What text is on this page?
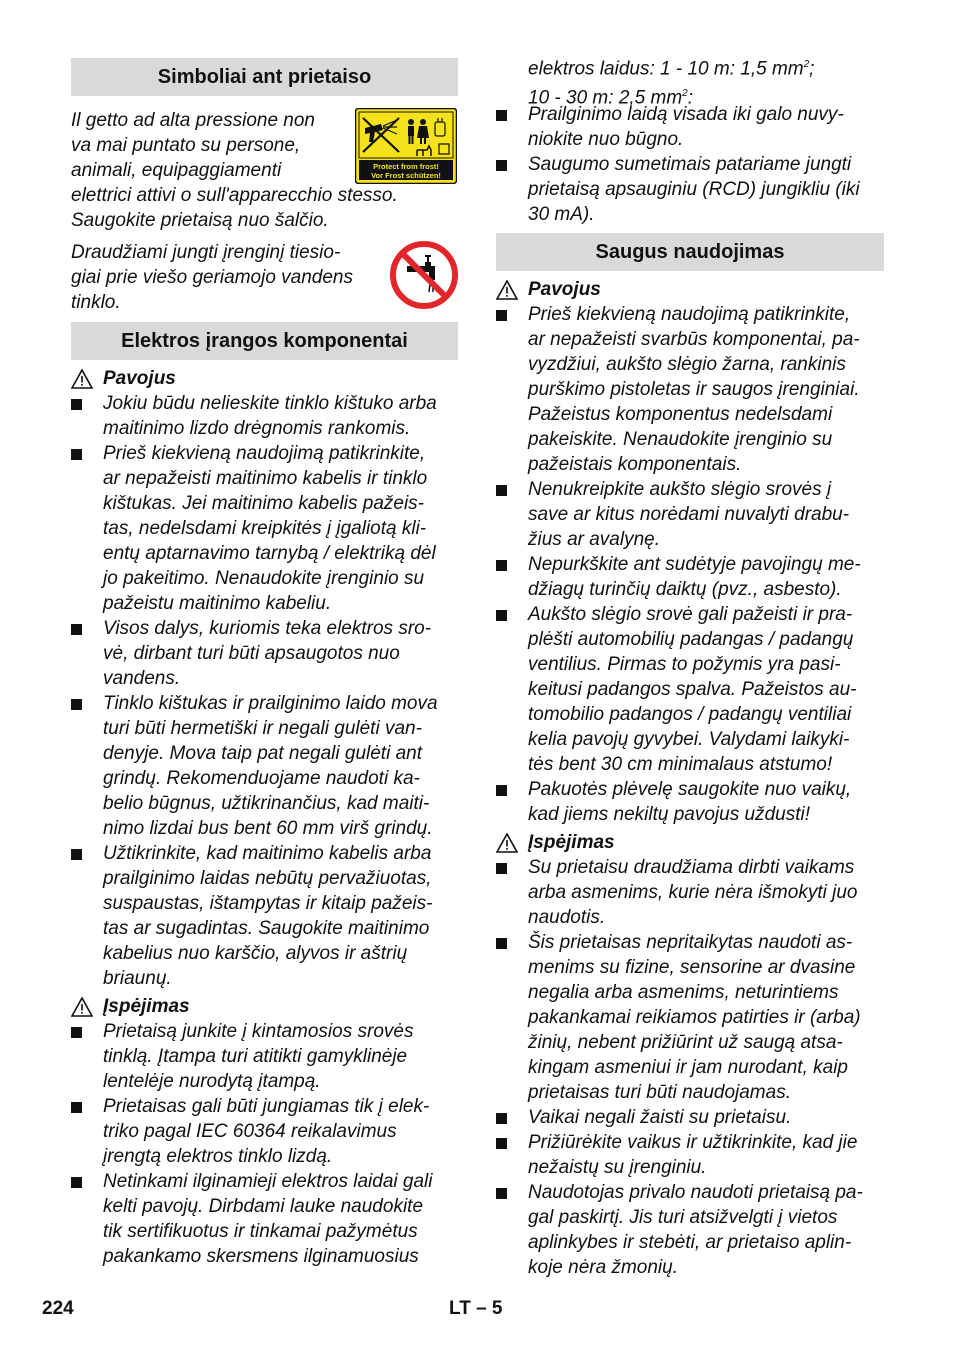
Simboliai ant prietaiso
Il getto ad alta pressione non
va mai puntato su persone,
animali, equipaggiamenti
elettrici attivi o sull'apparecchio stesso.
Saugokite prietaisą nuo šalčio.
Draudžiami jungti įrenginį tiesio-
giai prie viešo geriamojo vandens
tinklo.
Elektros įrangos komponentai
Pavojus
Jokiu būdu nelieskite tinklo kištuko arba
maitinimo lizdo drėgnomis rankomis.
Prieš kiekvieną naudojimą patikrinkite,
ar nepažeisti maitinimo kabelis ir tinklo
kištukas. Jei maitinimo kabelis pažeis-
tas, nedelsdami kreipkitės į įgaliotą kli-
entų aptarnavimo tarnybą / elektriką dėl
jo pakeitimo. Nenaudokite įrenginio su
pažeistu maitinimo kabeliu.
Visos dalys, kuriomis teka elektros sro-
vė, dirbant turi būti apsaugotos nuo
vandens.
Tinklo kištukas ir prailginimo laido mova
turi būti hermetiški ir negali gulėti van-
denyje. Mova taip pat negali gulėti ant
grindų. Rekomenduojame naudoti ka-
belio būgnus, užtikrinančius, kad maiti-
nimo lizdai bus bent 60 mm virš grindų.
Užtikrinkite, kad maitinimo kabelis arba
prailginimo laidas nebūtų pervažiuotas,
suspaustas, ištampytas ir kitaip pažeis-
tas ar sugadintas. Saugokite maitinimo
kabelius nuo karščio, alyvos ir aštrių
briaunų.
Įspėjimas
Prietaisą junkite į kintamosios srovės
tinklą. Įtampa turi atitikti gamyklinėje
lentelėje nurodytą įtampą.
Prietaisas gali būti jungiamas tik į elek-
triko pagal IEC 60364 reikalavimus
įrengtą elektros tinklo lizdą.
Netinkami ilginamieji elektros laidai gali
kelti pavojų. Dirbdami lauke naudokite
tik sertifikuotus ir tinkamai pažymėtus
pakankamo skersmens ilginamuosius
Protect from frost!
Vor Frost schützen!
elektros laidus: 1 - 10 m: 1,5 $mm^2$;
10 - 30 m: 2,5 $mm^2$:
Prailginimo laidą visada iki galo nuvy-
niokite nuo būgno.
Saugumo sumetimais patariame jungti
prietaisą apsauginiu (RCD) jungikliu (iki
30 mA).
Saugus naudojimas
Pavojus
Prieš kiekvieną naudojimą patikrinkite,
ar nepažeisti svarbūs komponentai, pa-
vyzdžiui, aukšto slėgio žarna, rankinis
purškimo pistoletas ir saugos įrenginiai.
Pažeistus komponentus nedelsdami
pakeiskite. Nenaudokite įrenginio su
pažeistais komponentais.
Nenukreipkite aukšto slėgio srovės į
save ar kitus norėdami nuvalyti drabu-
žius ar avalynę.
Nepurkškite ant sudėtyje pavojingų me-
džiagų turinčių daiktų (pvz., asbesto).
Aukšto slėgio srovė gali pažeisti ir pra-
plėšti automobilių padangas / padangų
ventilius. Pirmas to požymis yra pasi-
keitusi padangos spalva. Pažeistos au-
tomobilio padangos / padangų ventiliai
kelia pavojų gyvybei. Valydami laikyki-
tės bent 30 cm minimalaus atstumo!
Pakuotės plėvelę saugokite nuo vaikų,
kad jiems nekiltų pavojus uždusti!
Įspėjimas
Su prietaisu draudžiama dirbti vaikams
arba asmenims, kurie nėra išmokyti juo
naudotis.
Šis prietaisas nepritaikytas naudoti as-
menims su fizine, sensorine ar dvasine
negalia arba asmenims, neturintiems
pakankamai reikiamos patirties ir (arba)
žinių, nebent prižiūrint už saugą atsa-
kingam asmeniui ir jam nurodant, kaip
prietaisas turi būti naudojamas.
Vaikai negali žaisti su prietaisu.
Prižiūrėkite vaikus ir užtikrinkite, kad jie
nežaistų su įrenginiu.
Naudotojas privalo naudoti prietaisą pa-
gal paskirtį. Jis turi atsižvelgti į vietos
aplinkybes ir stebėti, ar prietaiso aplin-
koje nėra žmonių.
224	LT – 5
